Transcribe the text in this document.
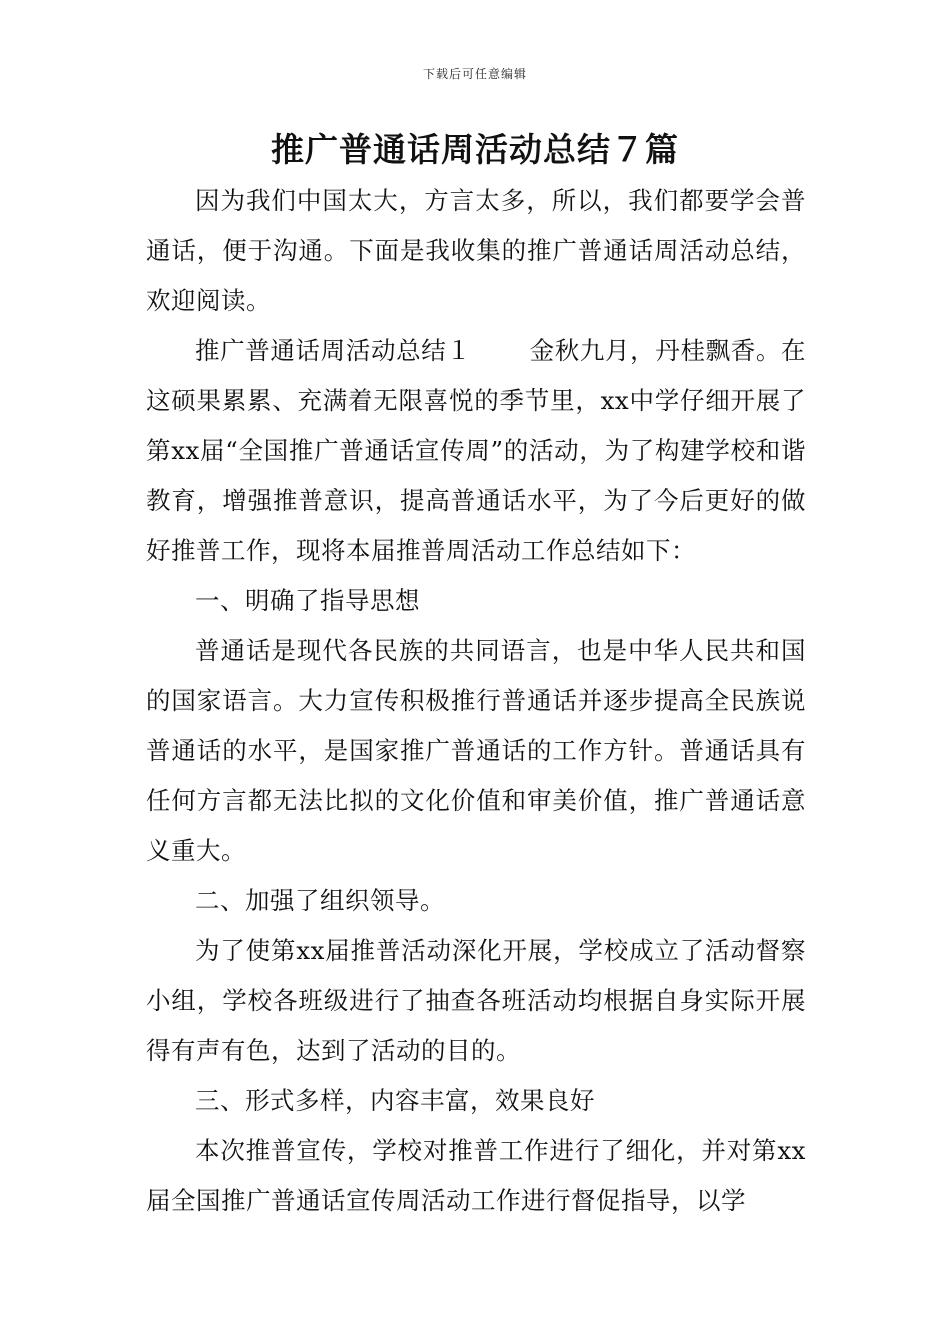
下载后可任意编辑
推广普通话周活动总结７篇

因为我们中国太大，方言太多，所以，我们都要学会普通话，便于沟通。下面是我收集的推广普通话周活动总结，欢迎阅读。

推广普通话周活动总结１ 金秋九月，丹桂飘香。在这硕果累累、充满着无限喜悦的季节里，xx中学仔细开展了第xx届“全国推广普通话宣传周”的活动，为了构建学校和谐教育，增强推普意识，提高普通话水平，为了今后更好的做好推普工作，现将本届推普周活动工作总结如下：

一、明确了指导思想

普通话是现代各民族的共同语言，也是中华人民共和国的国家语言。大力宣传积极推行普通话并逐步提高全民族说普通话的水平，是国家推广普通话的工作方针。普通话具有任何方言都无法比拟的文化价值和审美价值，推广普通话意义重大。

二、加强了组织领导。

为了使第xx届推普活动深化开展，学校成立了活动督察小组，学校各班级进行了抽查各班活动均根据自身实际开展得有声有色，达到了活动的目的。

三、形式多样，内容丰富，效果良好

本次推普宣传，学校对推普工作进行了细化，并对第xx届全国推广普通话宣传周活动工作进行督促指导，以学
